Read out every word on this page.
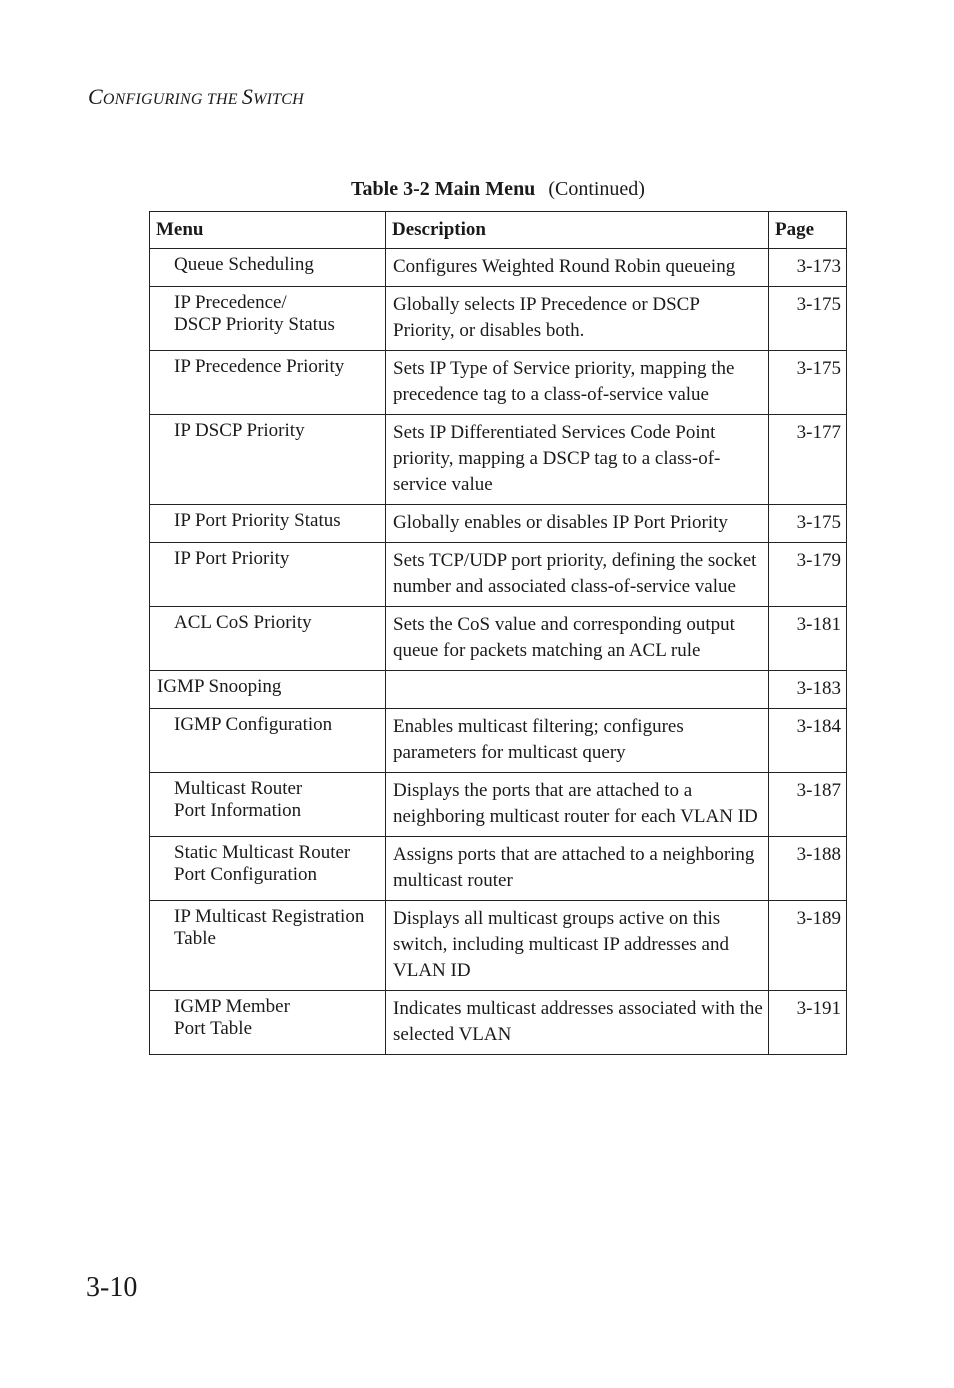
CONFIGURING THE SWITCH
Table 3-2 Main Menu (Continued)
Menu	Description	Page

Queue Scheduling	Configures Weighted Round Robin queueing	3-173

IP Precedence/
DSCP Priority Status	Globally selects IP Precedence or DSCP Priority, or disables both.	3-175

IP Precedence Priority	Sets IP Type of Service priority, mapping the precedence tag to a class-of-service value	3-175

IP DSCP Priority	Sets IP Differentiated Services Code Point priority, mapping a DSCP tag to a class-of-service value	3-177

IP Port Priority Status	Globally enables or disables IP Port Priority	3-175

IP Port Priority	Sets TCP/UDP port priority, defining the socket number and associated class-of-service value	3-179

ACL CoS Priority	Sets the CoS value and corresponding output queue for packets matching an ACL rule	3-181

IGMP Snooping		3-183

IGMP Configuration	Enables multicast filtering; configures parameters for multicast query	3-184

Multicast Router
Port Information	Displays the ports that are attached to a neighboring multicast router for each VLAN ID	3-187

Static Multicast Router
Port Configuration	Assigns ports that are attached to a neighboring multicast router	3-188

IP Multicast Registration
Table	Displays all multicast groups active on this switch, including multicast IP addresses and VLAN ID	3-189

IGMP Member
Port Table	Indicates multicast addresses associated with the selected VLAN	3-191
3-10
